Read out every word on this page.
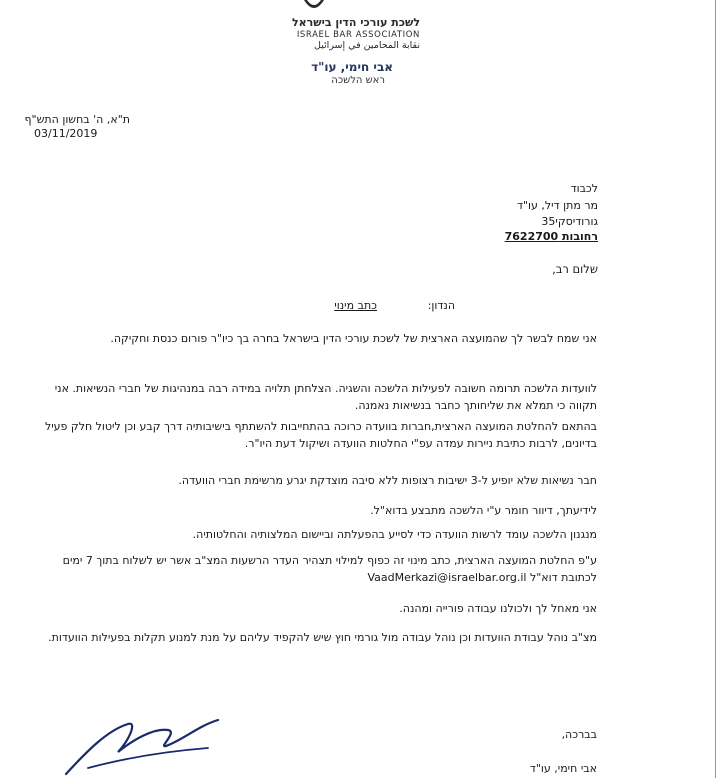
לשכת עורכי הדין בישראל
ISRAEL BAR ASSOCIATION
نقابة المحامين في إسرائيل
אבי חימי, עו"ד
ראש הלשכה
ת"א, ה' בחשון התש"ף
03/11/2019
לכבוד
מר מתן דיל, עו"ד
גורודיסקי35
רחובות 7622700
שלום רב,
הנדון:
כתב מינוי
אני שמח לבשר לך שהמועצה הארצית של לשכת עורכי הדין בישראל בחרה בך כיו"ר פורום כנסת וחקיקה.
לוועדות הלשכה תרומה חשובה לפעילות הלשכה והשגיה. הצלחתן תלויה במידה רבה במנהיגות של חברי הנשיאות. אני תקווה כי תמלא את שליחותך כחבר בנשיאות נאמנה.
בהתאם להחלטת המועצה הארצית,חברות בוועדה כרוכה בהתחייבות להשתתף בישיבותיה דרך קבע וכן ליטול חלק פעיל בדיונים, לרבות כתיבת ניירות עמדה עפ"י החלטות הוועדה ושיקול דעת היו"ר.
חבר נשיאות שלא יופיע ל-3 ישיבות רצופות ללא סיבה מוצדקת יגרע מרשימת חברי הוועדה.
לידיעתך, דיוור חומר ע"י הלשכה מתבצע בדוא"ל.
מנגנון הלשכה עומד לרשות הוועדה כדי לסייע בהפעלתה וביישום המלצותיה והחלטותיה.
ע"פ החלטת המועצה הארצית, כתב מינוי זה כפוף למילוי תצהיר העדר הרשעות המצ"ב אשר יש לשלוח בתוך 7 ימים לכתובת דוא"ל VaadMerkazi@israelbar.org.il
אני מאחל לך ולכולנו עבודה פורייה ומהנה.
מצ"ב נוהל עבודת הוועדות וכן נוהל עבודה מול גורמי חוץ שיש להקפיד עליהם על מנת למנוע תקלות בפעילות הוועדות.
בברכה,
אבי חימי, עו"ד
